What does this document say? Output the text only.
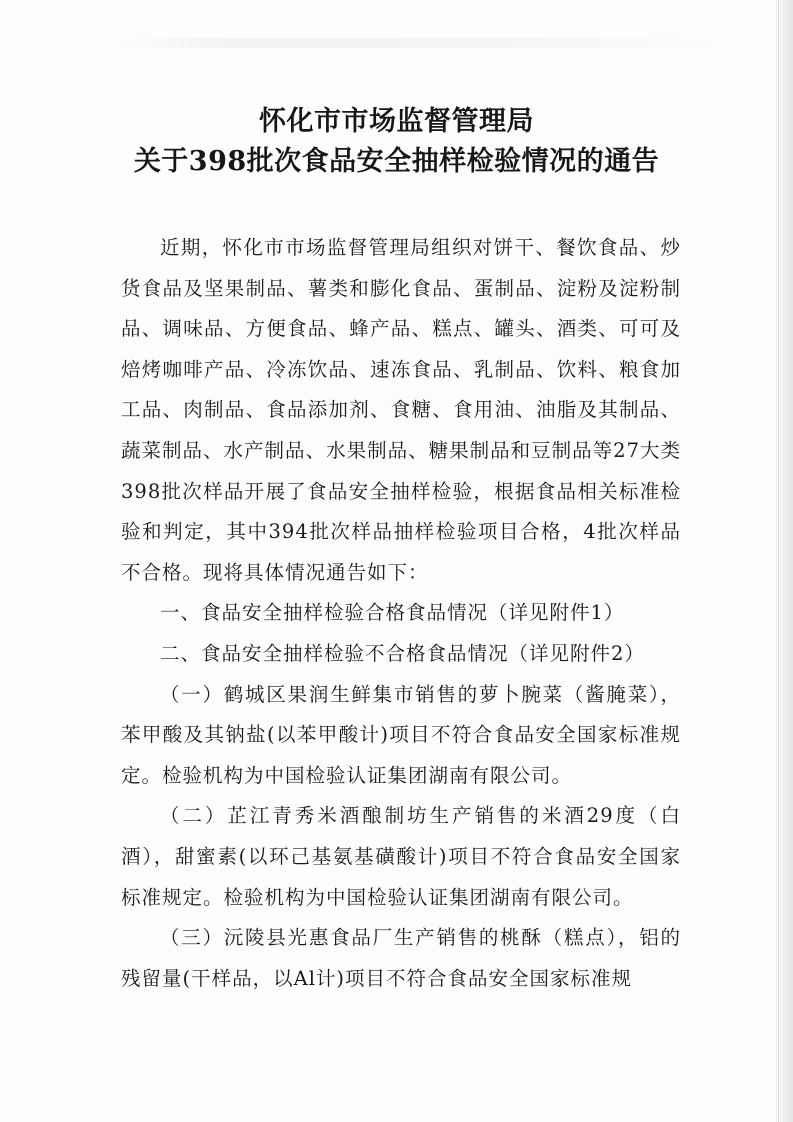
怀化市市场监督管理局
关于398批次食品安全抽样检验情况的通告

近期，怀化市市场监督管理局组织对饼干、餐饮食品、炒货食品及坚果制品、薯类和膨化食品、蛋制品、淀粉及淀粉制品、调味品、方便食品、蜂产品、糕点、罐头、酒类、可可及焙烤咖啡产品、冷冻饮品、速冻食品、乳制品、饮料、粮食加工品、肉制品、食品添加剂、食糖、食用油、油脂及其制品、蔬菜制品、水产制品、水果制品、糖果制品和豆制品等27大类398批次样品开展了食品安全抽样检验，根据食品相关标准检验和判定，其中394批次样品抽样检验项目合格，4批次样品不合格。现将具体情况通告如下：

一、食品安全抽样检验合格食品情况（详见附件1）

二、食品安全抽样检验不合格食品情况（详见附件2）

（一）鹤城区果润生鲜集市销售的萝卜腕菜（酱腌菜），苯甲酸及其钠盐(以苯甲酸计)项目不符合食品安全国家标准规定。检验机构为中国检验认证集团湖南有限公司。

（二）芷江青秀米酒酿制坊生产销售的米酒29度（白酒），甜蜜素(以环己基氨基磺酸计)项目不符合食品安全国家标准规定。检验机构为中国检验认证集团湖南有限公司。

（三）沅陵县光惠食品厂生产销售的桃酥（糕点），铝的残留量(干样品，以Al计)项目不符合食品安全国家标准规
